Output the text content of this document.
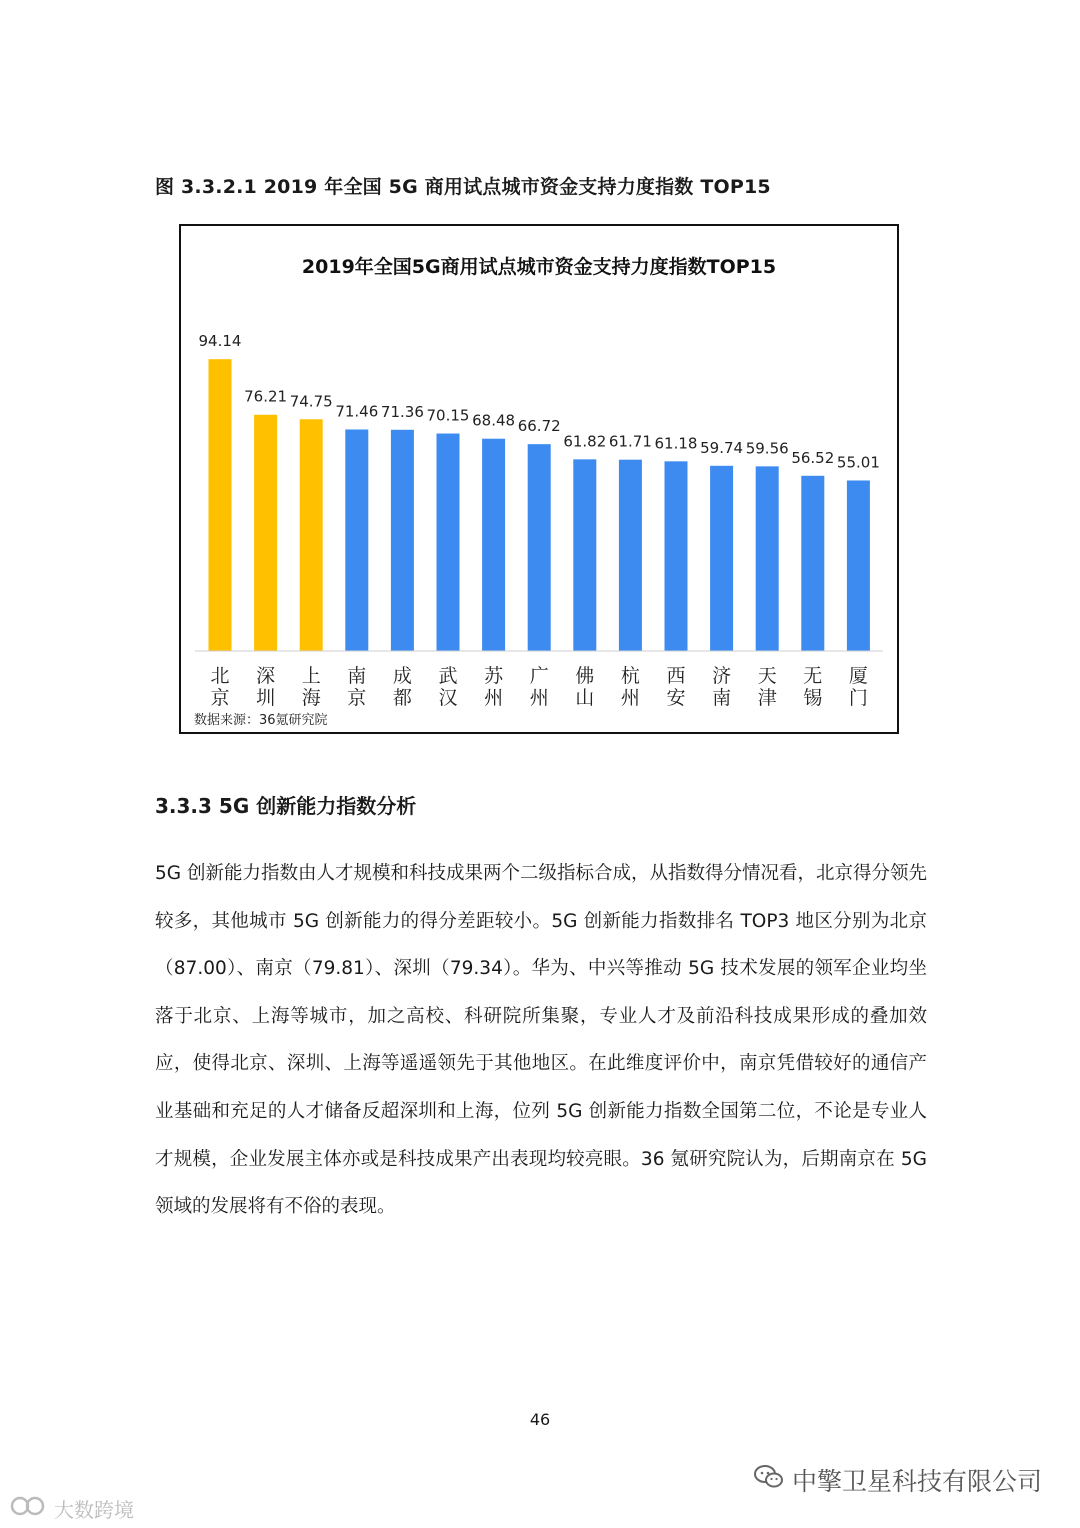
图 3.3.2.1 2019 年全国 5G 商用试点城市资金支持力度指数 TOP15
2019年全国5G商用试点城市资金支持力度指数TOP15
94.14
北京
76.21
深圳
74.75
上海
71.46
南京
71.36
成都
70.15
武汉
68.48
苏州
66.72
广州
61.82
佛山
61.71
杭州
61.18
西安
59.74
济南
59.56
天津
56.52
无锡
55.01
厦门
数据来源：36氪研究院
3.3.3 5G 创新能力指数分析

5G 创新能力指数由人才规模和科技成果两个二级指标合成，从指数得分情况看，北京得分领先较多，其他城市 5G 创新能力的得分差距较小。5G 创新能力指数排名 TOP3 地区分别为北京（87.00）、南京（79.81）、深圳（79.34）。华为、中兴等推动 5G 技术发展的领军企业均坐落于北京、上海等城市，加之高校、科研院所集聚，专业人才及前沿科技成果形成的叠加效应，使得北京、深圳、上海等遥遥领先于其他地区。在此维度评价中，南京凭借较好的通信产业基础和充足的人才储备反超深圳和上海，位列 5G 创新能力指数全国第二位，不论是专业人才规模，企业发展主体亦或是科技成果产出表现均较亮眼。36 氪研究院认为，后期南京在 5G 领域的发展将有不俗的表现。

46
中擎卫星科技有限公司
大数跨境
